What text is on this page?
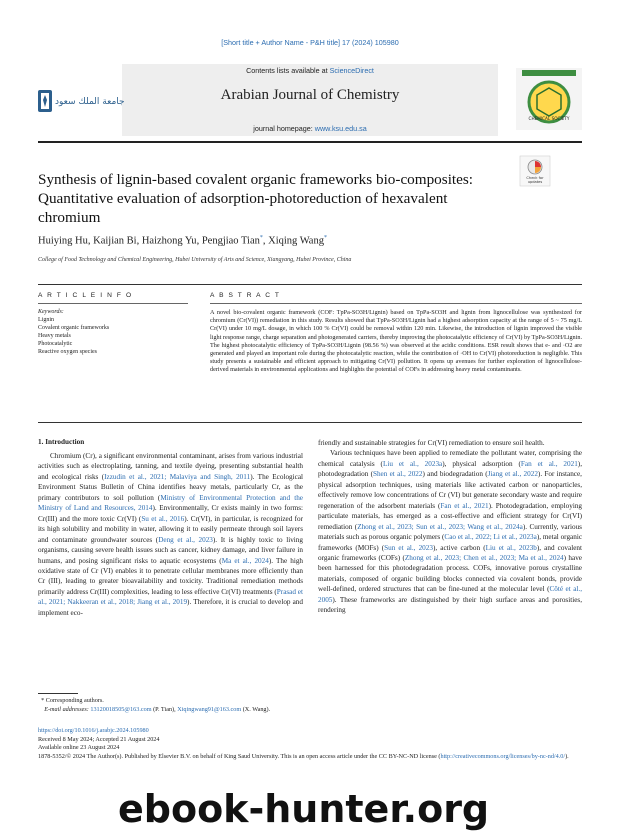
[Short title + Author Name - P&H title] 17 (2024) 105980
Contents lists available at ScienceDirect
Arabian Journal of Chemistry
journal homepage: www.ksu.edu.sa
جامعة الملك سعود
CHEMICAL SOCIETY
Synthesis of lignin-based covalent organic frameworks bio-composites: Quantitative evaluation of adsorption-photoreduction of hexavalent chromium
Check for
updates
Huiying Hu, Kaijian Bi, Haizhong Yu, Pengjiao Tian*, Xiqing Wang*
College of Food Technology and Chemical Engineering, Hubei University of Arts and Science, Xiangyang, Hubei Province, China
A R T I C L E I N F O	A B S T R A C T
Keywords:
Lignin
Covalent organic frameworks
Heavy metals
Photocatalytic
Reactive oxygen species
A novel bio-covalent organic framework (COF: TpPa-SO3H/Lignin) based on TpPa-SO3H and lignin from lignocellulose was synthesized for chromium (Cr(VI)) remediation in this study. Results showed that TpPa-SO3H/Lignin had a highest adsorption capacity at the range of 5 ~ 75 mg/L Cr(VI) under 10 mg/L dosage, in which 100 % Cr(VI) could be removal within 120 min. Likewise, the introduction of lignin improved the visible light response range, charge separation and photogenerated carriers, thereby improving the photocatalytic efficiency of Cr(VI) by TpPa-SO3H/Lignin. The highest photocatalytic efficiency of TpPa-SO3H/Lignin (98.56 %) was observed at the acidic conditions. ESR result shows that e- and ·O2 are generated and played an important role during the photocatalytic reaction, while the contribution of ·OH to Cr(VI) photoreduction is negligible. This study presents a sustainable and efficient approach to mitigating Cr(VI) pollution. It opens up avenues for further exploration of lignocellulose-derived materials in environmental applications and highlights the potential of COFs in addressing heavy metal contaminants.
1. Introduction
Chromium (Cr), a significant environmental contaminant, arises from various industrial activities such as electroplating, tanning, and textile dyeing, presenting substantial health and ecological risks (Izzudin et al., 2021; Malaviya and Singh, 2011). The Ecological Environment Status Bulletin of China identifies heavy metals, particularly Cr, as the primary contributors to soil pollution (Ministry of Environmental Protection and the Ministry of Land and Resources, 2014). Environmentally, Cr exists mainly in two forms: Cr(III) and the more toxic Cr(VI) (Su et al., 2016). Cr(VI), in particular, is recognized for its high solubility and mobility in water, allowing it to easily permeate through soil layers and contaminate groundwater sources (Deng et al., 2023). It is highly toxic to living organisms, causing severe health issues such as cancer, kidney damage, and liver failure in humans, and posing significant risks to aquatic ecosystems (Ma et al., 2024). The high oxidative state of Cr (VI) enables it to penetrate cellular membranes more efficiently than Cr (III), leading to greater bioavailability and toxicity. Traditional remediation methods primarily address Cr(III) complexities, leading to less effective Cr(VI) treatments (Prasad et al., 2021; Nakkeeran et al., 2018; Jiang et al., 2019). Therefore, it is crucial to develop and implement eco-
friendly and sustainable strategies for Cr(VI) remediation to ensure soil health.
Various techniques have been applied to remediate the pollutant water, comprising the chemical catalysis (Liu et al., 2023a), physical adsorption (Fan et al., 2021), photodegradation (Shen et al., 2022) and biodegradation (Jiang et al., 2022). For instance, physical adsorption techniques, using materials like activated carbon or nanoparticles, effectively remove low concentrations of Cr (VI) but generate secondary waste and require regeneration of the adsorbent materials (Fan et al., 2021). Photodegradation, employing particulate materials, has emerged as a cost-effective and efficient strategy for Cr(VI) remediation (Zhong et al., 2023; Sun et al., 2023; Wang et al., 2024a). Currently, various materials such as porous organic polymers (Cao et al., 2022; Li et al., 2023a), metal organic frameworks (MOFs) (Sun et al., 2023), active carbon (Liu et al., 2023b), and covalent organic frameworks (COFs) (Zhong et al., 2023; Chen et al., 2023; Ma et al., 2024) have been harnessed for this photodegradation process. COFs, innovative porous crystalline materials, composed of organic building blocks connected via covalent bonds, provide well-defined, ordered structures that can be fine-tuned at the molecular level (Côté et al., 2005). These frameworks are distinguished by their high surface areas and porosities, rendering
* Corresponding authors.
E-mail addresses: 13120018505@163.com (P. Tian), Xiqingwang91@163.com (X. Wang).
https://doi.org/10.1016/j.arabjc.2024.105980
Received 8 May 2024; Accepted 21 August 2024
Available online 23 August 2024
1878-5352/© 2024 The Author(s). Published by Elsevier B.V. on behalf of King Saud University. This is an open access article under the CC BY-NC-ND license (http://creativecommons.org/licenses/by-nc-nd/4.0/).
ebook-hunter.org
